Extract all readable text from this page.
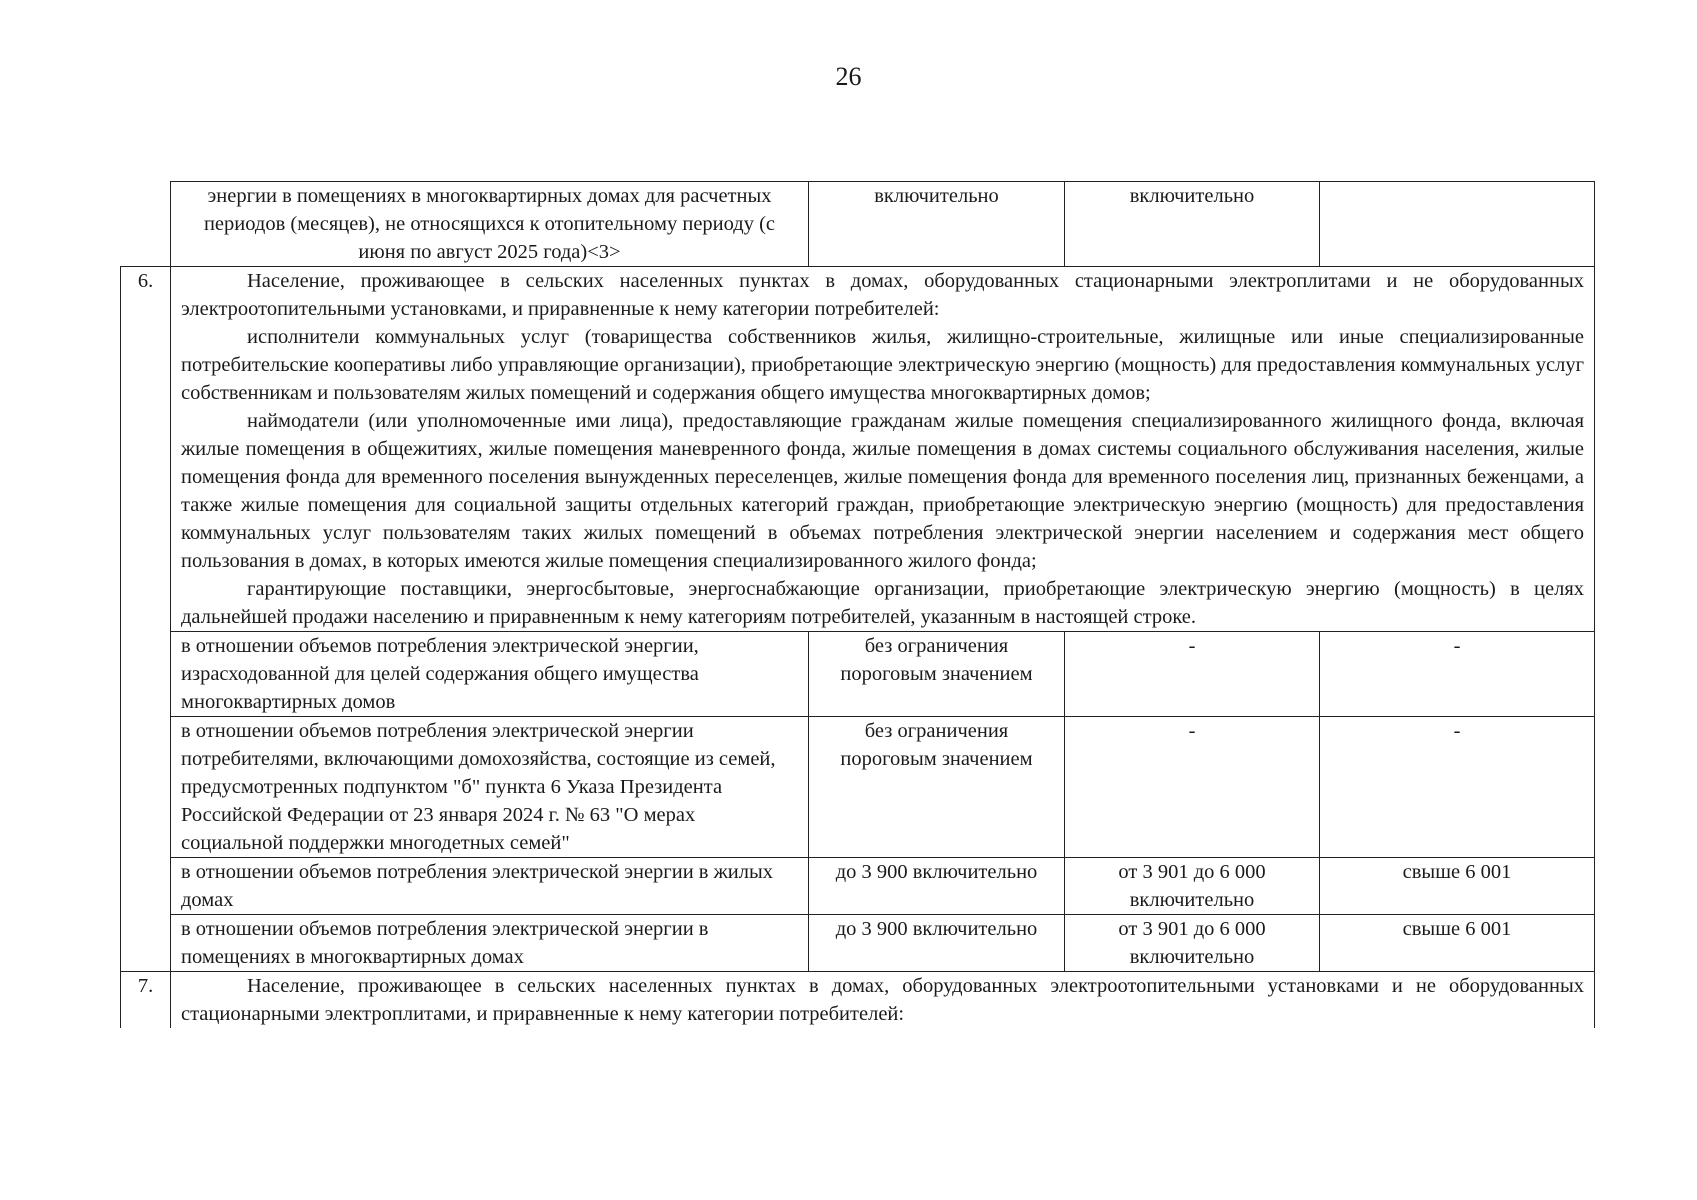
26
	энергии в помещениях в многоквартирных домах для расчетных периодов (месяцев), не относящихся к отопительному периоду (с июня по август 2025 года)<3>	включительно	включительно	
6.	Население, проживающее в сельских населенных пунктах в домах, оборудованных стационарными электроплитами и не оборудованных электроотопительными установками, и приравненные к нему категории потребителей:

исполнители коммунальных услуг (товарищества собственников жилья, жилищно-строительные, жилищные или иные специализированные потребительские кооперативы либо управляющие организации), приобретающие электрическую энергию (мощность) для предоставления коммунальных услуг собственникам и пользователям жилых помещений и содержания общего имущества многоквартирных домов;

наймодатели (или уполномоченные ими лица), предоставляющие гражданам жилые помещения специализированного жилищного фонда, включая жилые помещения в общежитиях, жилые помещения маневренного фонда, жилые помещения в домах системы социального обслуживания населения, жилые помещения фонда для временного поселения вынужденных переселенцев, жилые помещения фонда для временного поселения лиц, признанных беженцами, а также жилые помещения для социальной защиты отдельных категорий граждан, приобретающие электрическую энергию (мощность) для предоставления коммунальных услуг пользователям таких жилых помещений в объемах потребления электрической энергии населением и содержания мест общего пользования в домах, в которых имеются жилые помещения специализированного жилого фонда;

гарантирующие поставщики, энергосбытовые, энергоснабжающие организации, приобретающие электрическую энергию (мощность) в целях дальнейшей продажи населению и приравненным к нему категориям потребителей, указанным в настоящей строке.			

	в отношении объемов потребления электрической энергии, израсходованной для целей содержания общего имущества многоквартирных домов	без ограничения пороговым значением	-	-
	в отношении объемов потребления электрической энергии потребителями, включающими домохозяйства, состоящие из семей, предусмотренных подпунктом "б" пункта 6 Указа Президента Российской Федерации от 23 января 2024 г. № 63 "О мерах социальной поддержки многодетных семей"	без ограничения пороговым значением	-	-
	в отношении объемов потребления электрической энергии в жилых домах	до 3 900 включительно	от 3 901 до 6 000 включительно	свыше 6 001
	в отношении объемов потребления электрической энергии в помещениях в многоквартирных домах	до 3 900 включительно	от 3 901 до 6 000 включительно	свыше 6 001
7.	Население, проживающее в сельских населенных пунктах в домах, оборудованных электроотопительными установками и не оборудованных стационарными электроплитами, и приравненные к нему категории потребителей:			
